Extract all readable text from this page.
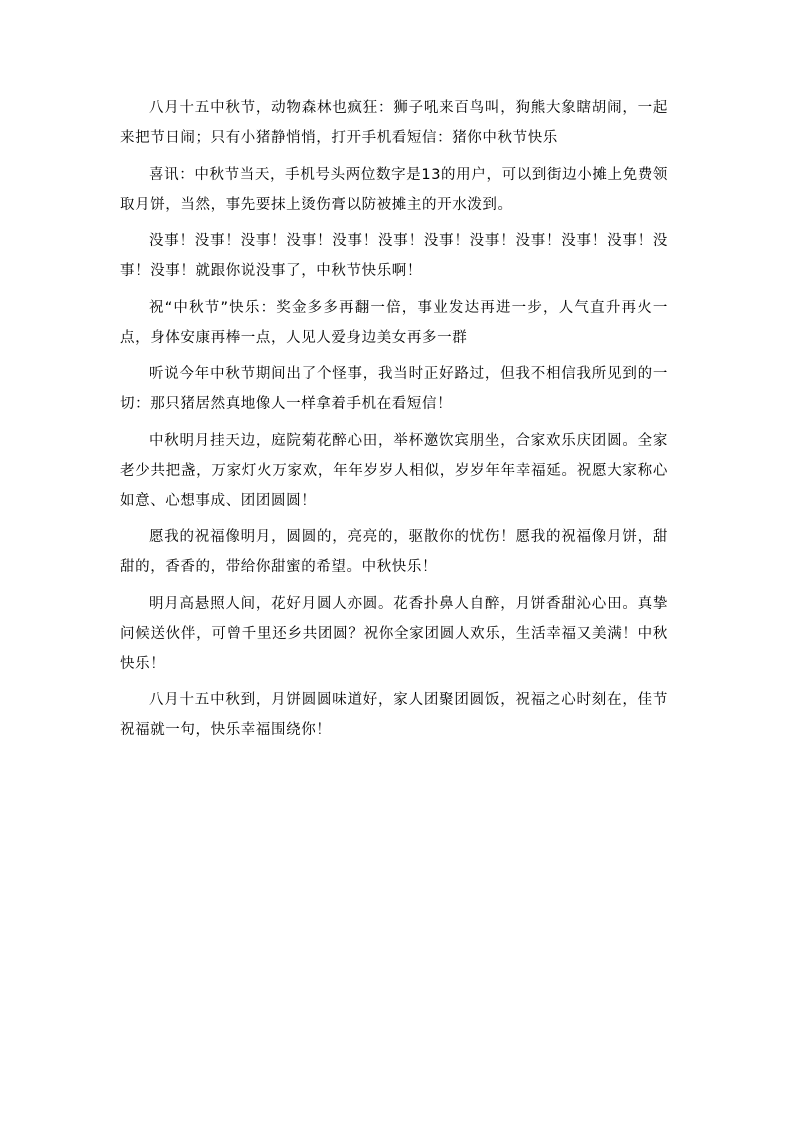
八月十五中秋节，动物森林也疯狂：狮子吼来百鸟叫，狗熊大象瞎胡闹，一起来把节日闹；只有小猪静悄悄，打开手机看短信：猪你中秋节快乐

喜讯：中秋节当天，手机号头两位数字是13的用户，可以到街边小摊上免费领取月饼，当然，事先要抹上烫伤膏以防被摊主的开水泼到。

没事！没事！没事！没事！没事！没事！没事！没事！没事！没事！没事！没事！没事！就跟你说没事了，中秋节快乐啊！

祝“中秋节”快乐：奖金多多再翻一倍，事业发达再进一步，人气直升再火一点，身体安康再棒一点，人见人爱身边美女再多一群

听说今年中秋节期间出了个怪事，我当时正好路过，但我不相信我所见到的一切：那只猪居然真地像人一样拿着手机在看短信！

中秋明月挂天边，庭院菊花醉心田，举杯邀饮宾朋坐，合家欢乐庆团圆。全家老少共把盏，万家灯火万家欢，年年岁岁人相似，岁岁年年幸福延。祝愿大家称心如意、心想事成、团团圆圆！

愿我的祝福像明月，圆圆的，亮亮的，驱散你的忧伤！愿我的祝福像月饼，甜甜的，香香的，带给你甜蜜的希望。中秋快乐！

明月高悬照人间，花好月圆人亦圆。花香扑鼻人自醉，月饼香甜沁心田。真挚问候送伙伴，可曾千里还乡共团圆？祝你全家团圆人欢乐，生活幸福又美满！中秋快乐！

八月十五中秋到，月饼圆圆味道好，家人团聚团圆饭，祝福之心时刻在，佳节祝福就一句，快乐幸福围绕你！
